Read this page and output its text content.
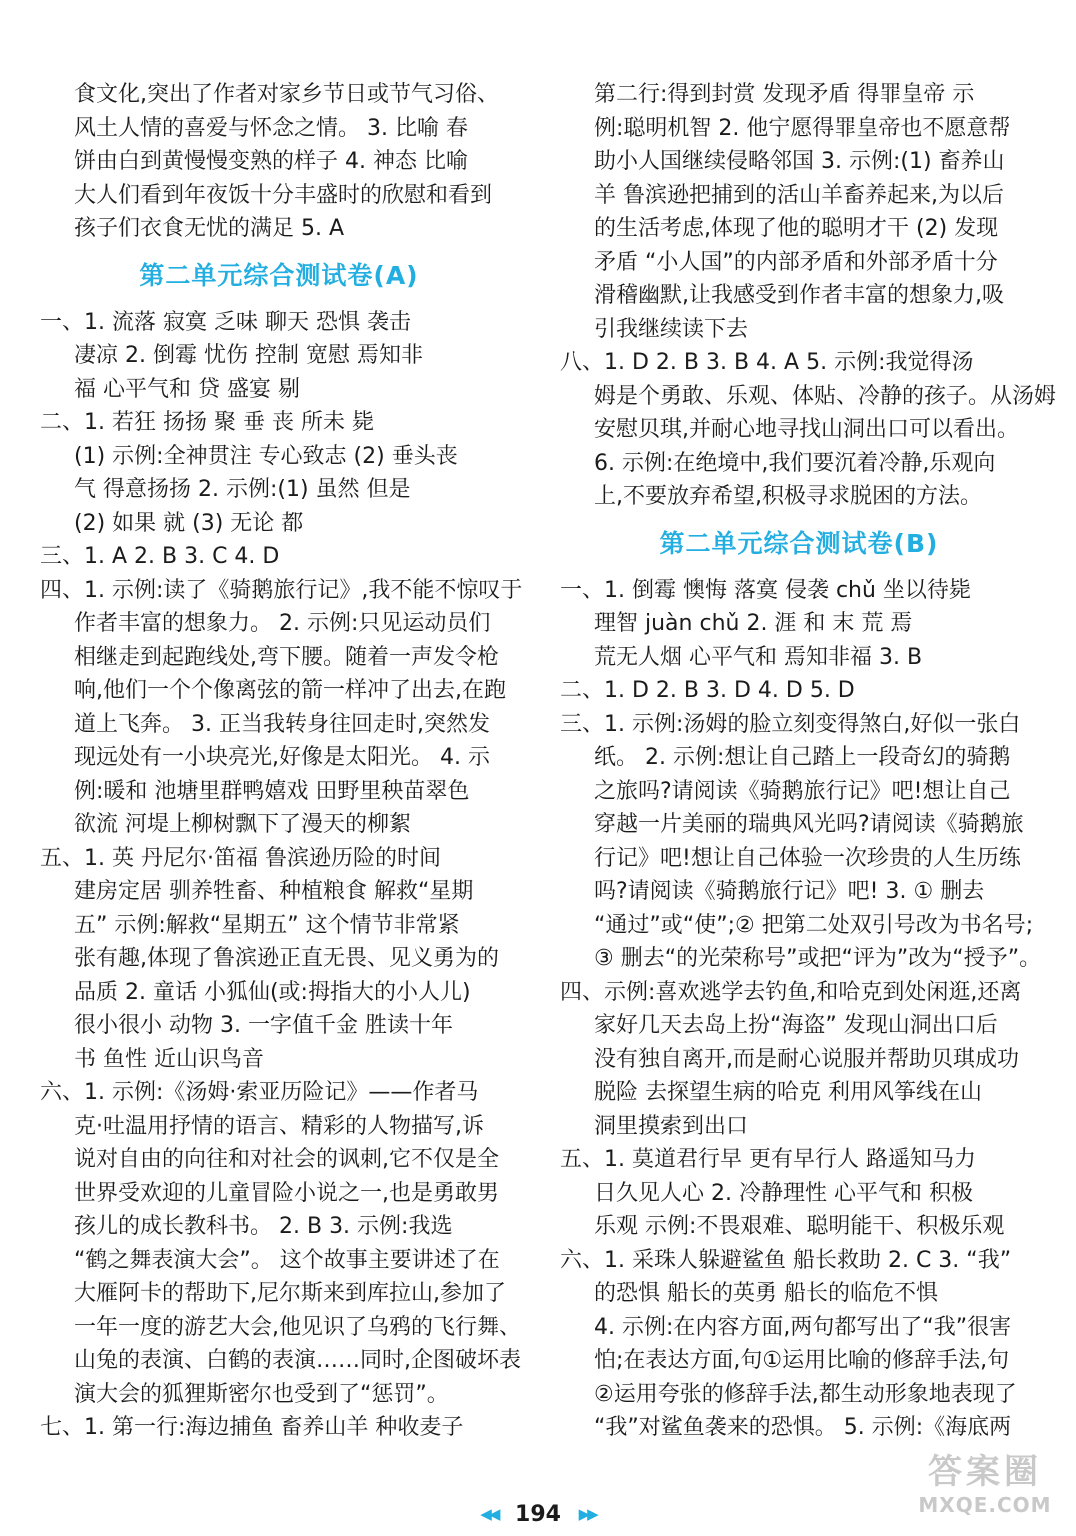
食文化,突出了作者对家乡节日或节气习俗、
风土人情的喜爱与怀念之情。 3. 比喻 春
饼由白到黄慢慢变熟的样子 4. 神态 比喻
大人们看到年夜饭十分丰盛时的欣慰和看到
孩子们衣食无忧的满足 5. A
第二单元综合测试卷(A)
一、1. 流落 寂寞 乏味 聊天 恐惧 袭击
凄凉 2. 倒霉 忧伤 控制 宽慰 焉知非
福 心平气和 贷 盛宴 剔
二、1. 若狂 扬扬 聚 垂 丧 所未 毙
(1) 示例:全神贯注 专心致志 (2) 垂头丧
气 得意扬扬 2. 示例:(1) 虽然 但是
(2) 如果 就 (3) 无论 都
三、1. A 2. B 3. C 4. D
四、1. 示例:读了《骑鹅旅行记》,我不能不惊叹于
作者丰富的想象力。 2. 示例:只见运动员们
相继走到起跑线处,弯下腰。随着一声发令枪
响,他们一个个像离弦的箭一样冲了出去,在跑
道上飞奔。 3. 正当我转身往回走时,突然发
现远处有一小块亮光,好像是太阳光。 4. 示
例:暖和 池塘里群鸭嬉戏 田野里秧苗翠色
欲流 河堤上柳树飘下了漫天的柳絮
五、1. 英 丹尼尔·笛福 鲁滨逊历险的时间
建房定居 驯养牲畜、种植粮食 解救“星期
五” 示例:解救“星期五” 这个情节非常紧
张有趣,体现了鲁滨逊正直无畏、见义勇为的
品质 2. 童话 小狐仙(或:拇指大的小人儿)
很小很小 动物 3. 一字值千金 胜读十年
书 鱼性 近山识鸟音
六、1. 示例:《汤姆·索亚历险记》——作者马
克·吐温用抒情的语言、精彩的人物描写,诉
说对自由的向往和对社会的讽刺,它不仅是全
世界受欢迎的儿童冒险小说之一,也是勇敢男
孩儿的成长教科书。 2. B 3. 示例:我选
“鹤之舞表演大会”。 这个故事主要讲述了在
大雁阿卡的帮助下,尼尔斯来到库拉山,参加了
一年一度的游艺大会,他见识了乌鸦的飞行舞、
山兔的表演、白鹤的表演……同时,企图破坏表
演大会的狐狸斯密尔也受到了“惩罚”。
七、1. 第一行:海边捕鱼 畜养山羊 种收麦子
第二行:得到封赏 发现矛盾 得罪皇帝 示
例:聪明机智 2. 他宁愿得罪皇帝也不愿意帮
助小人国继续侵略邻国 3. 示例:(1) 畜养山
羊 鲁滨逊把捕到的活山羊畜养起来,为以后
的生活考虑,体现了他的聪明才干 (2) 发现
矛盾 “小人国”的内部矛盾和外部矛盾十分
滑稽幽默,让我感受到作者丰富的想象力,吸
引我继续读下去
八、1. D 2. B 3. B 4. A 5. 示例:我觉得汤
姆是个勇敢、乐观、体贴、冷静的孩子。从汤姆
安慰贝琪,并耐心地寻找山洞出口可以看出。
6. 示例:在绝境中,我们要沉着冷静,乐观向
上,不要放弃希望,积极寻求脱困的方法。
第二单元综合测试卷(B)
一、1. 倒霉 懊悔 落寞 侵袭 chǔ 坐以待毙
理智 juàn chǔ 2. 涯 和 末 荒 焉
荒无人烟 心平气和 焉知非福 3. B
二、1. D 2. B 3. D 4. D 5. D
三、1. 示例:汤姆的脸立刻变得煞白,好似一张白
纸。 2. 示例:想让自己踏上一段奇幻的骑鹅
之旅吗?请阅读《骑鹅旅行记》吧!想让自己
穿越一片美丽的瑞典风光吗?请阅读《骑鹅旅
行记》吧!想让自己体验一次珍贵的人生历练
吗?请阅读《骑鹅旅行记》吧! 3. ① 删去
“通过”或“使”;② 把第二处双引号改为书名号;
③ 删去“的光荣称号”或把“评为”改为“授予”。
四、示例:喜欢逃学去钓鱼,和哈克到处闲逛,还离
家好几天去岛上扮“海盗” 发现山洞出口后
没有独自离开,而是耐心说服并帮助贝琪成功
脱险 去探望生病的哈克 利用风筝线在山
洞里摸索到出口
五、1. 莫道君行早 更有早行人 路遥知马力
日久见人心 2. 冷静理性 心平气和 积极
乐观 示例:不畏艰难、聪明能干、积极乐观
六、1. 采珠人躲避鲨鱼 船长救助 2. C 3. “我”
的恐惧 船长的英勇 船长的临危不惧
4. 示例:在内容方面,两句都写出了“我”很害
怕;在表达方面,句①运用比喻的修辞手法,句
②运用夸张的修辞手法,都生动形象地表现了
“我”对鲨鱼袭来的恐惧。 5. 示例:《海底两
◀◀ 194 ▶▶
答案圈
MXQE.COM
